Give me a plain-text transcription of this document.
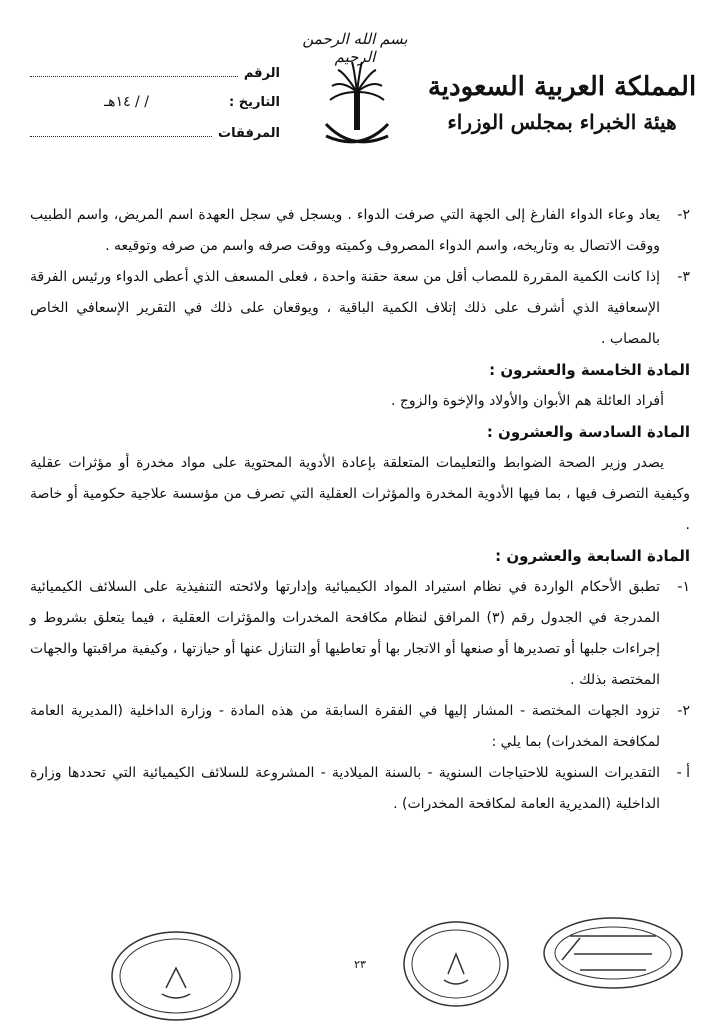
بسم الله الرحمن الرحيم
المملكة العربية السعودية
هيئة الخبراء بمجلس الوزراء
الرقم
التاريخ :
/ / ١٤هـ
المرفقات
٢-
يعاد وعاء الدواء الفارغ إلى الجهة التي صرفت الدواء . ويسجل في سجل العهدة اسم المريض، واسم الطبيب ووقت الاتصال به وتاريخه، واسم الدواء المصروف وكميته ووقت صرفه واسم من صرفه وتوقيعه .
٣-
إذا كانت الكمية المقررة للمصاب أقل من سعة حقنة واحدة ، فعلى المسعف الذي أعطى الدواء ورئيس الفرقة الإسعافية الذي أشرف على ذلك إتلاف الكمية الباقية ، ويوقعان على ذلك في التقرير الإسعافي الخاص بالمصاب .

المادة الخامسة والعشرون :

أفراد العائلة هم الأبوان والأولاد والإخوة والزوج .

المادة السادسة والعشرون :

يصدر وزير الصحة الضوابط والتعليمات المتعلقة بإعادة الأدوية المحتوية على مواد مخدرة أو مؤثرات عقلية وكيفية التصرف فيها ، بما فيها الأدوية المخدرة والمؤثرات العقلية التي تصرف من مؤسسة علاجية حكومية أو خاصة .

المادة السابعة والعشرون :

١-
تطبق الأحكام الواردة في نظام استيراد المواد الكيميائية وإدارتها ولائحته التنفيذية على السلائف الكيميائية المدرجة في الجدول رقم (٣) المرافق لنظام مكافحة المخدرات والمؤثرات العقلية ، فيما يتعلق بشروط و إجراءات جلبها أو تصديرها أو صنعها أو الاتجار بها أو تعاطيها أو التنازل عنها أو حيازتها ، وكيفية مراقبتها والجهات المختصة بذلك .
٢-
تزود الجهات المختصة - المشار إليها في الفقرة السابقة من هذه المادة - وزارة الداخلية (المديرية العامة لمكافحة المخدرات) بما يلي :
أ -
التقديرات السنوية للاحتياجات السنوية - بالسنة الميلادية - المشروعة للسلائف الكيميائية التي تحددها وزارة الداخلية (المديرية العامة لمكافحة المخدرات) .
٢٣
